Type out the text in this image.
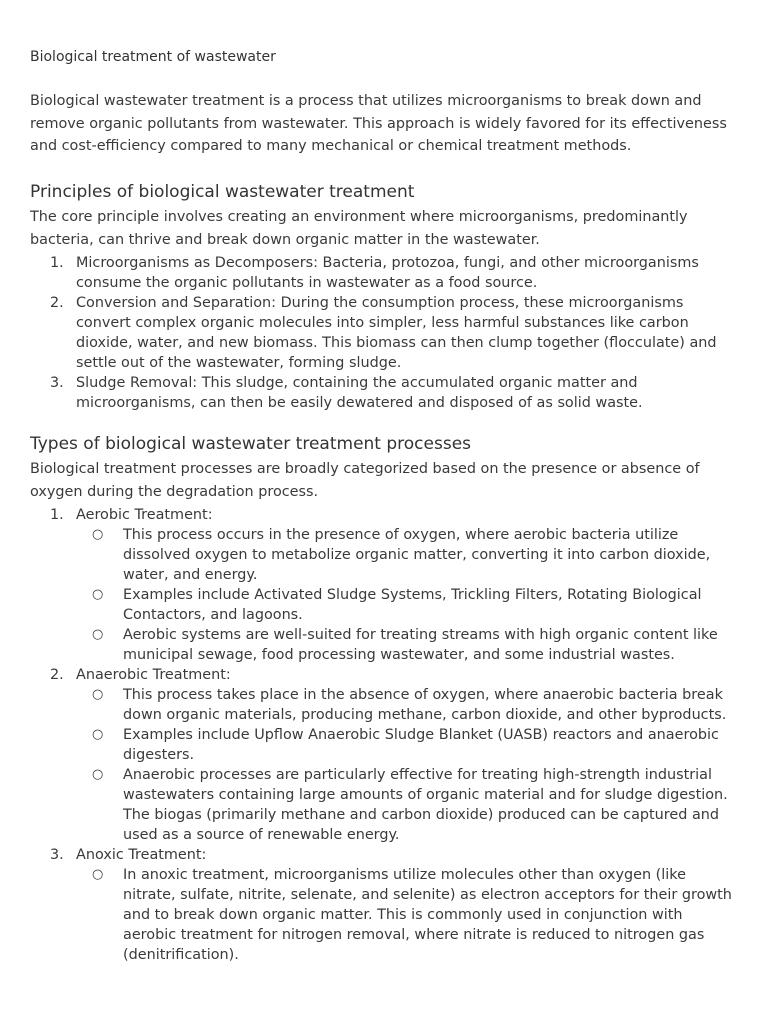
Biological treatment of wastewater

Biological wastewater treatment is a process that utilizes microorganisms to break down and remove organic pollutants from wastewater. This approach is widely favored for its effectiveness and cost-efficiency compared to many mechanical or chemical treatment methods.

Principles of biological wastewater treatment

The core principle involves creating an environment where microorganisms, predominantly bacteria, can thrive and break down organic matter in the wastewater.

1. Microorganisms as Decomposers: Bacteria, protozoa, fungi, and other microorganisms consume the organic pollutants in wastewater as a food source.
2. Conversion and Separation: During the consumption process, these microorganisms convert complex organic molecules into simpler, less harmful substances like carbon dioxide, water, and new biomass. This biomass can then clump together (flocculate) and settle out of the wastewater, forming sludge.
3. Sludge Removal: This sludge, containing the accumulated organic matter and microorganisms, can then be easily dewatered and disposed of as solid waste.
Types of biological wastewater treatment processes

Biological treatment processes are broadly categorized based on the presence or absence of oxygen during the degradation process.

1. Aerobic Treatment:
○ This process occurs in the presence of oxygen, where aerobic bacteria utilize dissolved oxygen to metabolize organic matter, converting it into carbon dioxide, water, and energy.
○ Examples include Activated Sludge Systems, Trickling Filters, Rotating Biological Contactors, and lagoons.
○ Aerobic systems are well-suited for treating streams with high organic content like municipal sewage, food processing wastewater, and some industrial wastes.
2. Anaerobic Treatment:
○ This process takes place in the absence of oxygen, where anaerobic bacteria break down organic materials, producing methane, carbon dioxide, and other byproducts.
○ Examples include Upflow Anaerobic Sludge Blanket (UASB) reactors and anaerobic digesters.
○ Anaerobic processes are particularly effective for treating high-strength industrial wastewaters containing large amounts of organic material and for sludge digestion. The biogas (primarily methane and carbon dioxide) produced can be captured and used as a source of renewable energy.
3. Anoxic Treatment:
○ In anoxic treatment, microorganisms utilize molecules other than oxygen (like nitrate, sulfate, nitrite, selenate, and selenite) as electron acceptors for their growth and to break down organic matter. This is commonly used in conjunction with aerobic treatment for nitrogen removal, where nitrate is reduced to nitrogen gas (denitrification).
